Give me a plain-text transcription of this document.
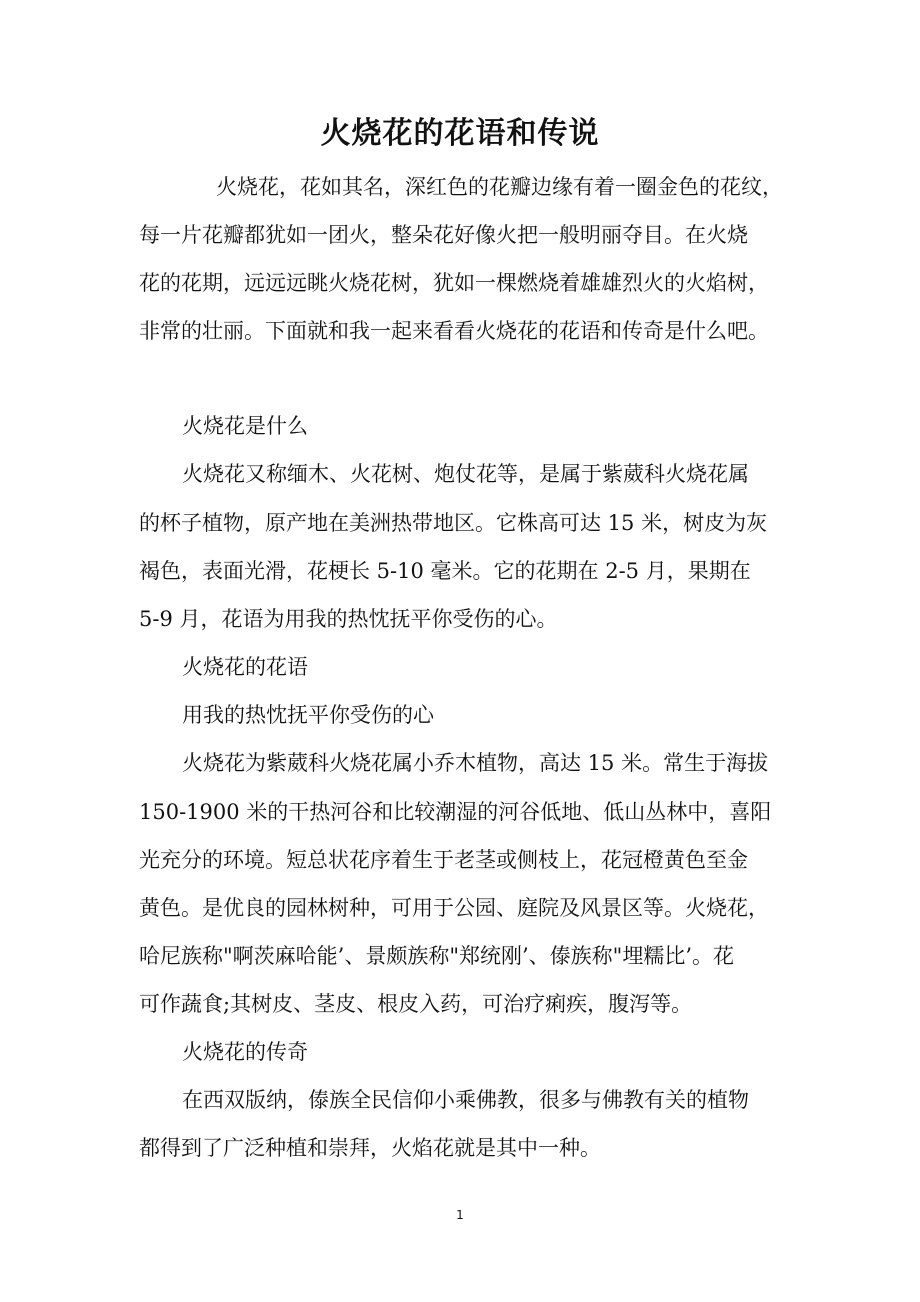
火烧花的花语和传说

火烧花，花如其名，深红色的花瓣边缘有着一圈金色的花纹，

每一片花瓣都犹如一团火，整朵花好像火把一般明丽夺目。在火烧

花的花期，远远远眺火烧花树，犹如一棵燃烧着雄雄烈火的火焰树，

非常的壮丽。下面就和我一起来看看火烧花的花语和传奇是什么吧。

火烧花是什么

火烧花又称缅木、火花树、炮仗花等，是属于紫葳科火烧花属

的杯子植物，原产地在美洲热带地区。它株高可达 15 米，树皮为灰

褐色，表面光滑，花梗长 5-10 毫米。它的花期在 2-5 月，果期在

5-9 月，花语为用我的热忱抚平你受伤的心。

火烧花的花语

用我的热忱抚平你受伤的心

火烧花为紫葳科火烧花属小乔木植物，高达 15 米。常生于海拔

150-1900 米的干热河谷和比较潮湿的河谷低地、低山丛林中，喜阳

光充分的环境。短总状花序着生于老茎或侧枝上，花冠橙黄色至金

黄色。是优良的园林树种，可用于公园、庭院及风景区等。火烧花，

哈尼族称"啊茨麻哈能’、景颇族称"郑统刚’、傣族称"埋糯比’。花

可作蔬食;其树皮、茎皮、根皮入药，可治疗痢疾，腹泻等。

火烧花的传奇

在西双版纳，傣族全民信仰小乘佛教，很多与佛教有关的植物

都得到了广泛种植和崇拜，火焰花就是其中一种。

1
